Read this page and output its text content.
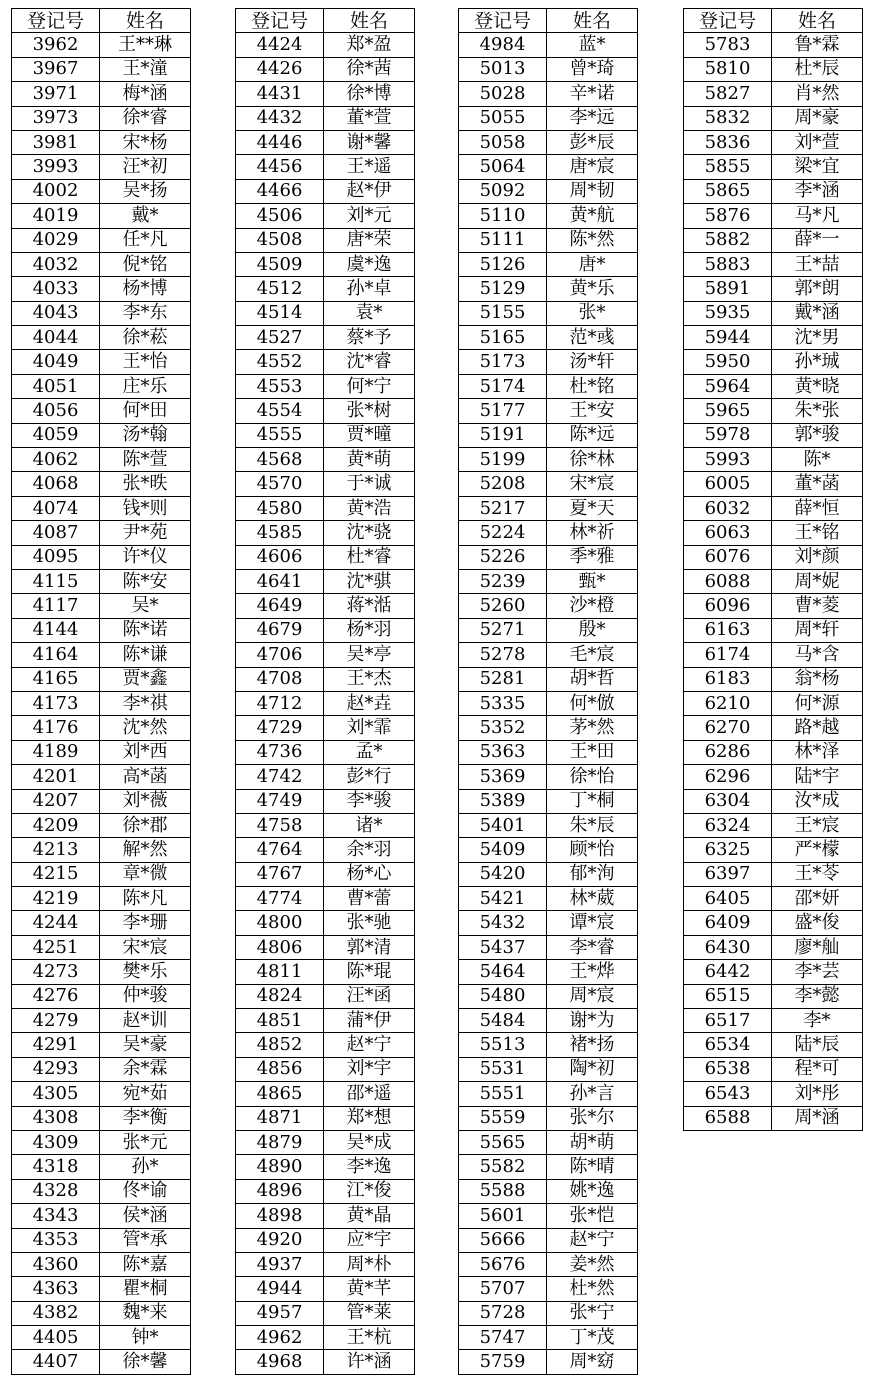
登记号	姓名
3962	王**琳
3967	王*潼
3971	梅*涵
3973	徐*睿
3981	宋*杨
3993	汪*初
4002	吴*扬
4019	戴*
4029	任*凡
4032	倪*铭
4033	杨*博
4043	李*东
4044	徐*菘
4049	王*怡
4051	庄*乐
4056	何*田
4059	汤*翰
4062	陈*萱
4068	张*昳
4074	钱*则
4087	尹*苑
4095	许*仪
4115	陈*安
4117	吴*
4144	陈*诺
4164	陈*谦
4165	贾*鑫
4173	李*祺
4176	沈*然
4189	刘*西
4201	高*菡
4207	刘*薇
4209	徐*郡
4213	解*然
4215	章*微
4219	陈*凡
4244	李*珊
4251	宋*宸
4273	樊*乐
4276	仲*骏
4279	赵*训
4291	吴*豪
4293	余*霖
4305	宛*茹
4308	李*衡
4309	张*元
4318	孙*
4328	佟*谕
4343	侯*涵
4353	管*承
4360	陈*嘉
4363	瞿*桐
4382	魏*来
4405	钟*
4407	徐*馨
登记号	姓名
4424	郑*盈
4426	徐*茜
4431	徐*博
4432	董*萱
4446	谢*馨
4456	王*遥
4466	赵*伊
4506	刘*元
4508	唐*荣
4509	虞*逸
4512	孙*卓
4514	袁*
4527	蔡*予
4552	沈*睿
4553	何*宁
4554	张*树
4555	贾*曈
4568	黄*萌
4570	于*诚
4580	黄*浩
4585	沈*骁
4606	杜*睿
4641	沈*骐
4649	蒋*湉
4679	杨*羽
4706	吴*亭
4708	王*杰
4712	赵*垚
4729	刘*霏
4736	孟*
4742	彭*行
4749	李*骏
4758	诸*
4764	余*羽
4767	杨*心
4774	曹*蕾
4800	张*驰
4806	郭*清
4811	陈*琨
4824	汪*函
4851	蒲*伊
4852	赵*宁
4856	刘*宇
4865	邵*遥
4871	郑*想
4879	吴*成
4890	李*逸
4896	江*俊
4898	黄*晶
4920	应*宇
4937	周*朴
4944	黄*芊
4957	管*莱
4962	王*杭
4968	许*涵
登记号	姓名
4984	蓝*
5013	曾*琦
5028	辛*诺
5055	李*远
5058	彭*辰
5064	唐*宸
5092	周*韧
5110	黄*航
5111	陈*然
5126	唐*
5129	黄*乐
5155	张*
5165	范*彧
5173	汤*轩
5174	杜*铭
5177	王*安
5191	陈*远
5199	徐*林
5208	宋*宸
5217	夏*天
5224	林*祈
5226	季*雅
5239	甄*
5260	沙*橙
5271	殷*
5278	毛*宸
5281	胡*哲
5335	何*倣
5352	茅*然
5363	王*田
5369	徐*怡
5389	丁*桐
5401	朱*辰
5409	顾*怡
5420	郁*洵
5421	林*葳
5432	谭*宸
5437	李*睿
5464	王*烨
5480	周*宸
5484	谢*为
5513	褚*扬
5531	陶*初
5551	孙*言
5559	张*尔
5565	胡*萌
5582	陈*晴
5588	姚*逸
5601	张*恺
5666	赵*宁
5676	姜*然
5707	杜*然
5728	张*宁
5747	丁*茂
5759	周*窈
登记号	姓名
5783	鲁*霖
5810	杜*辰
5827	肖*然
5832	周*豪
5836	刘*萱
5855	梁*宜
5865	李*涵
5876	马*凡
5882	薛*一
5883	王*喆
5891	郭*朗
5935	戴*涵
5944	沈*男
5950	孙*珹
5964	黄*晓
5965	朱*张
5978	郭*骏
5993	陈*
6005	董*菡
6032	薛*恒
6063	王*铭
6076	刘*颜
6088	周*妮
6096	曹*菱
6163	周*轩
6174	马*含
6183	翁*杨
6210	何*源
6270	路*越
6286	林*泽
6296	陆*宇
6304	汝*成
6324	王*宸
6325	严*檬
6397	王*苓
6405	邵*妍
6409	盛*俊
6430	廖*舢
6442	李*芸
6515	李*懿
6517	李*
6534	陆*辰
6538	程*可
6543	刘*彤
6588	周*涵
